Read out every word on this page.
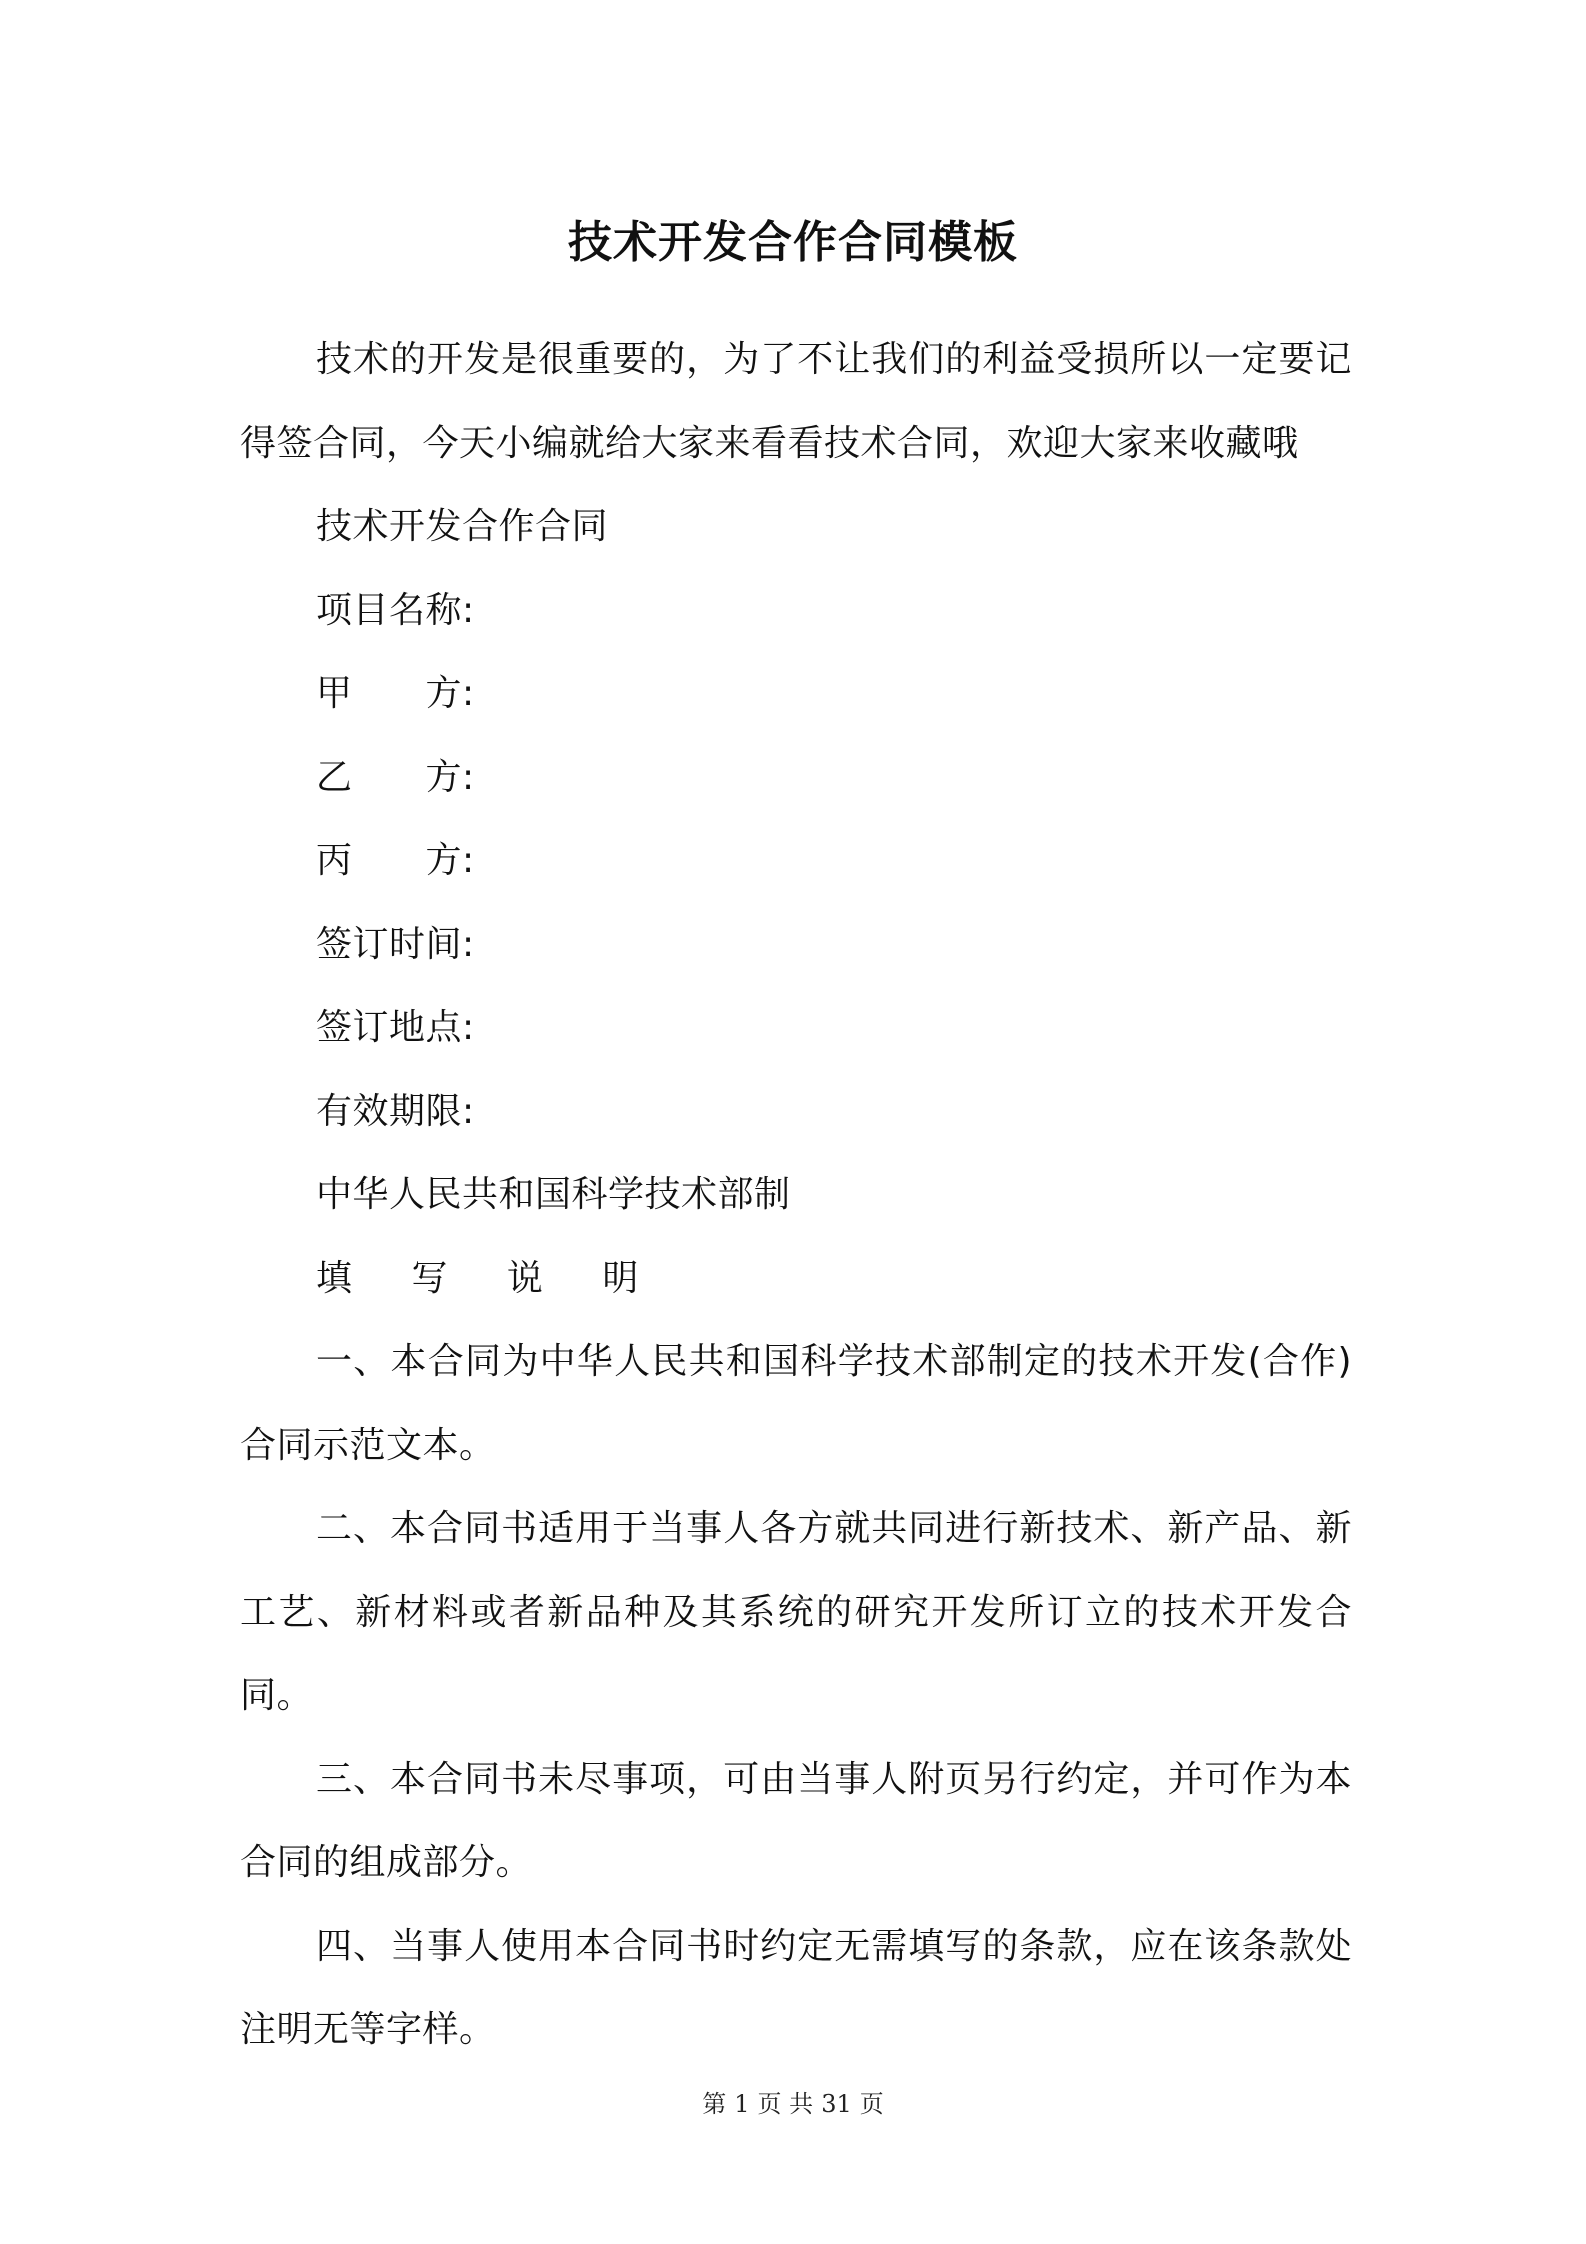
技术开发合作合同模板

技术的开发是很重要的，为了不让我们的利益受损所以一定要记得签合同，今天小编就给大家来看看技术合同，欢迎大家来收藏哦

技术开发合作合同

项目名称:

甲　　方:

乙　　方:

丙　　方:

签订时间:

签订地点:

有效期限:

中华人民共和国科学技术部制

填 写 说 明

一、本合同为中华人民共和国科学技术部制定的技术开发(合作)合同示范文本。

二、本合同书适用于当事人各方就共同进行新技术、新产品、新工艺、新材料或者新品种及其系统的研究开发所订立的技术开发合同。

三、本合同书未尽事项，可由当事人附页另行约定，并可作为本合同的组成部分。

四、当事人使用本合同书时约定无需填写的条款，应在该条款处注明无等字样。

第 1 页 共 31 页
